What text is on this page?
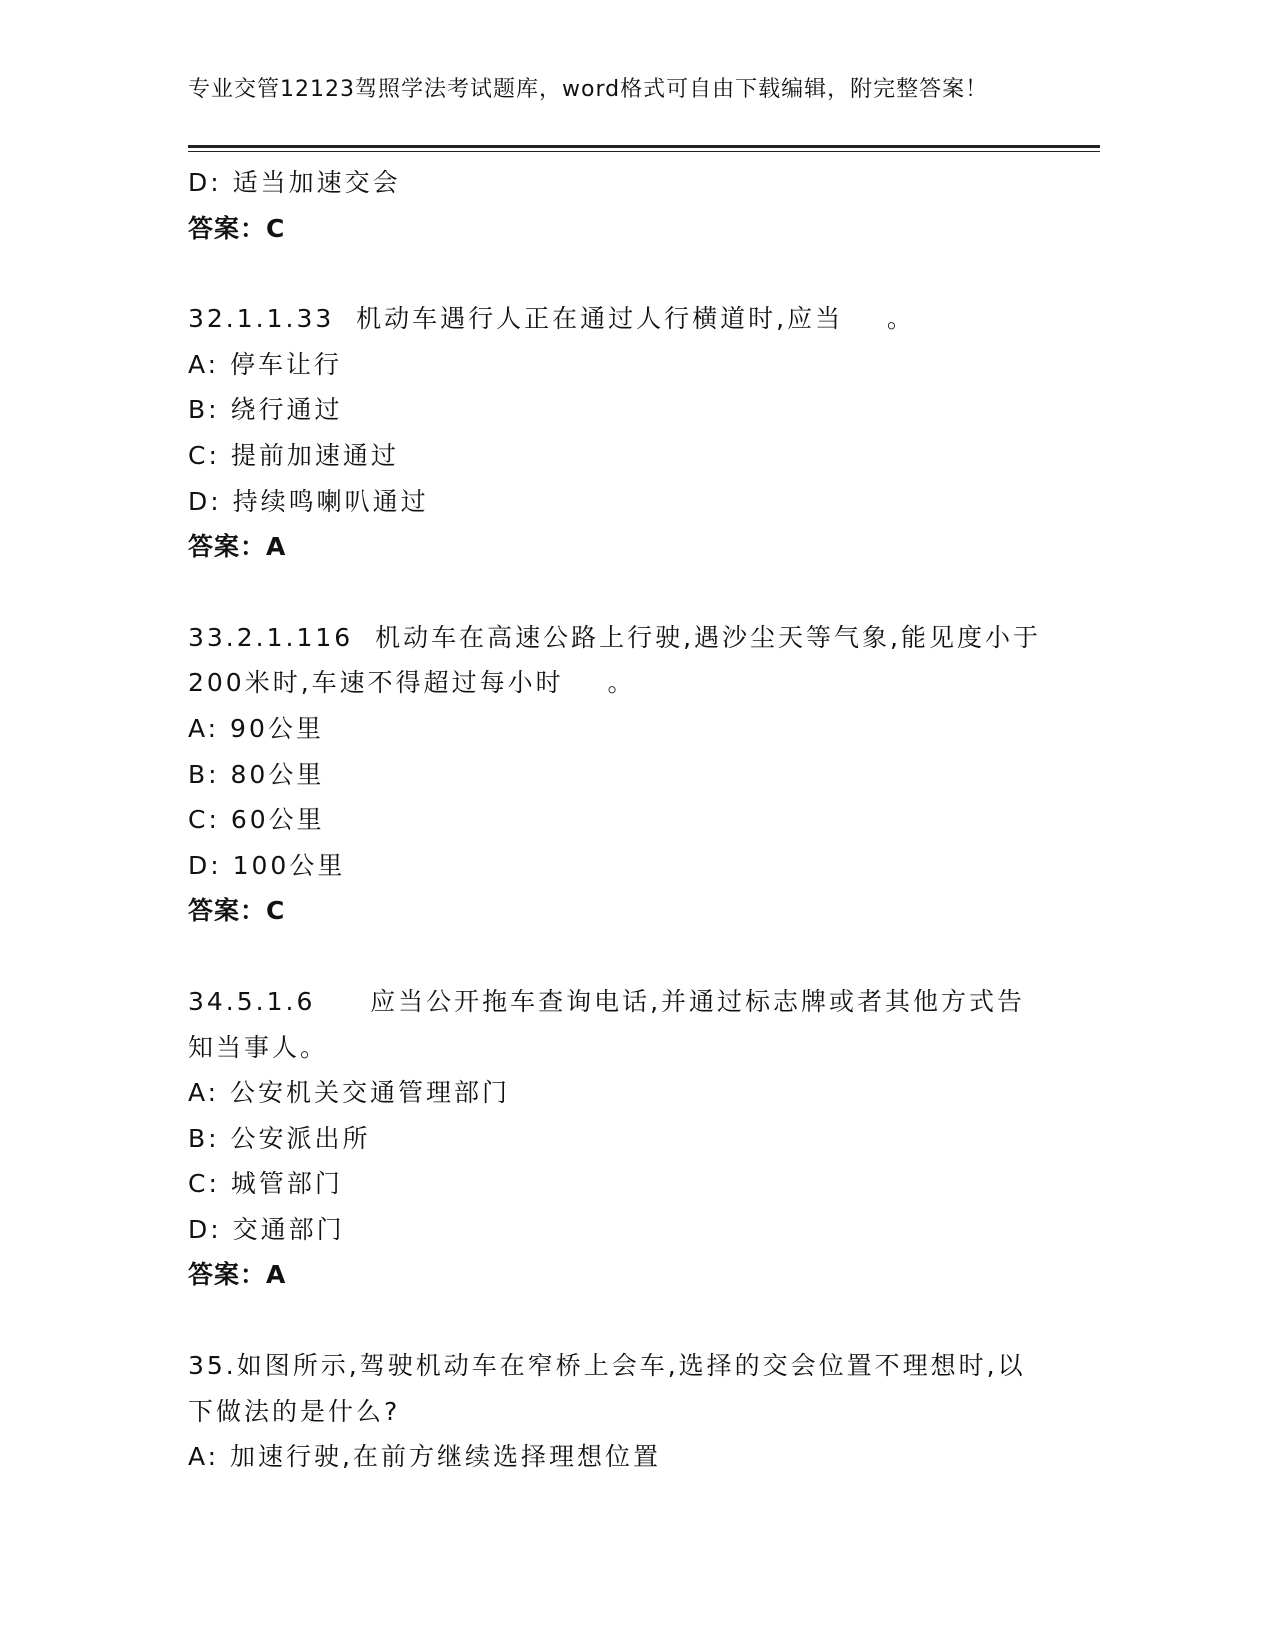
专业交管12123驾照学法考试题库，word格式可自由下载编辑，附完整答案！
D: 适当加速交会
答案：C
32.1.1.33  机动车遇行人正在通过人行横道时,应当    。
A: 停车让行
B: 绕行通过
C: 提前加速通过
D: 持续鸣喇叭通过
答案：A
33.2.1.116  机动车在高速公路上行驶,遇沙尘天等气象,能见度小于
200米时,车速不得超过每小时    。
A: 90公里
B: 80公里
C: 60公里
D: 100公里
答案：C
34.5.1.6     应当公开拖车查询电话,并通过标志牌或者其他方式告
知当事人。
A: 公安机关交通管理部门
B: 公安派出所
C: 城管部门
D: 交通部门
答案：A
35.如图所示,驾驶机动车在窄桥上会车,选择的交会位置不理想时,以
下做法的是什么?
A: 加速行驶,在前方继续选择理想位置
